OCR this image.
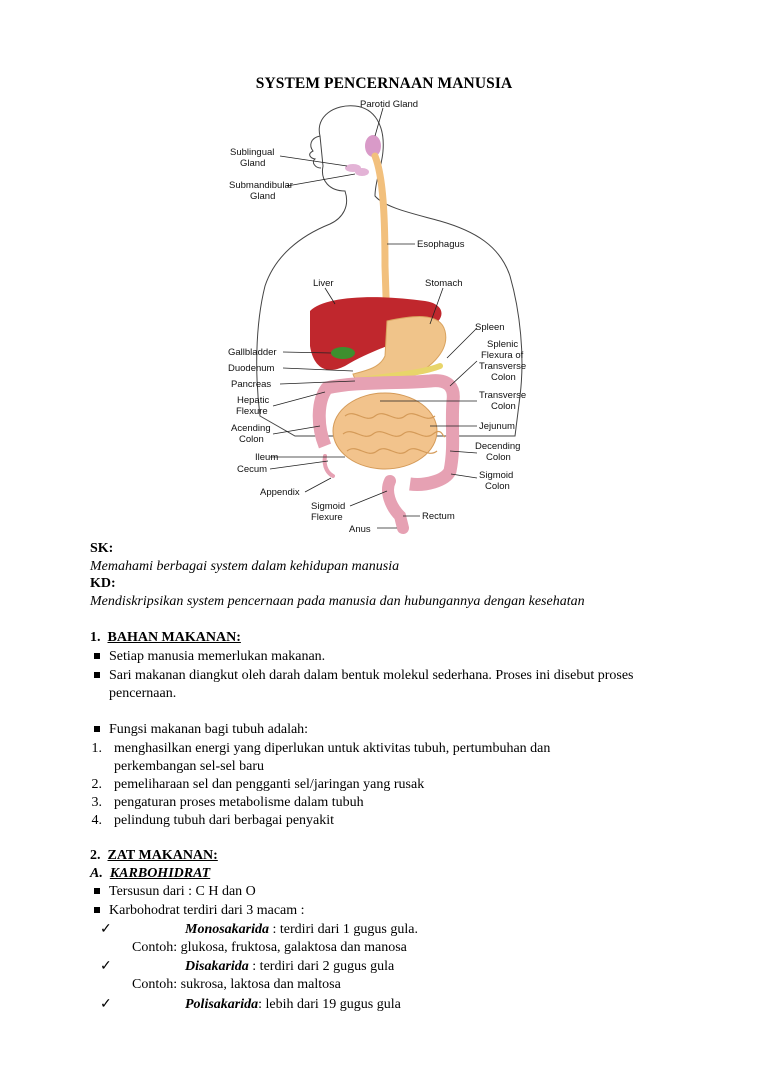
SYSTEM PENCERNAAN MANUSIA
Parotid Gland
Sublingual
Gland
Submandibular
Gland
Esophagus
Liver	Stomach
Spleen
Splenic
Flexura of
Transverse
Colon
Gallbladder
Duodenum
Pancreas
Hepatic
Flexure
Transverse
Colon
Acending
Colon
Jejunum
Ileum
Cecum
Decending
Colon
Sigmoid
Colon
Appendix
Sigmoid
Flexure	Rectum
Anus
SK:
Memahami berbagai system dalam kehidupan manusia
KD:
Mendiskripsikan system pencernaan pada manusia dan hubungannya dengan kesehatan
1. BAHAN MAKANAN:
Setiap manusia memerlukan makanan.
Sari makanan diangkut oleh darah dalam bentuk molekul sederhana. Proses ini disebut proses
pencernaan.
Fungsi makanan bagi tubuh adalah:
1. menghasilkan energi yang diperlukan untuk aktivitas tubuh, pertumbuhan dan
perkembangan sel-sel baru
2. pemeliharaan sel dan pengganti sel/jaringan yang rusak
3. pengaturan proses metabolisme dalam tubuh
4. pelindung tubuh dari berbagai penyakit
2. ZAT MAKANAN:
A. KARBOHIDRAT
Tersusun dari : C H dan O
Karbohodrat terdiri dari 3 macam :
✓	Monosakarida : terdiri dari 1 gugus gula.
Contoh: glukosa, fruktosa, galaktosa dan manosa
✓	Disakarida : terdiri dari 2 gugus gula
Contoh: sukrosa, laktosa dan maltosa
✓	Polisakarida: lebih dari 19 gugus gula
